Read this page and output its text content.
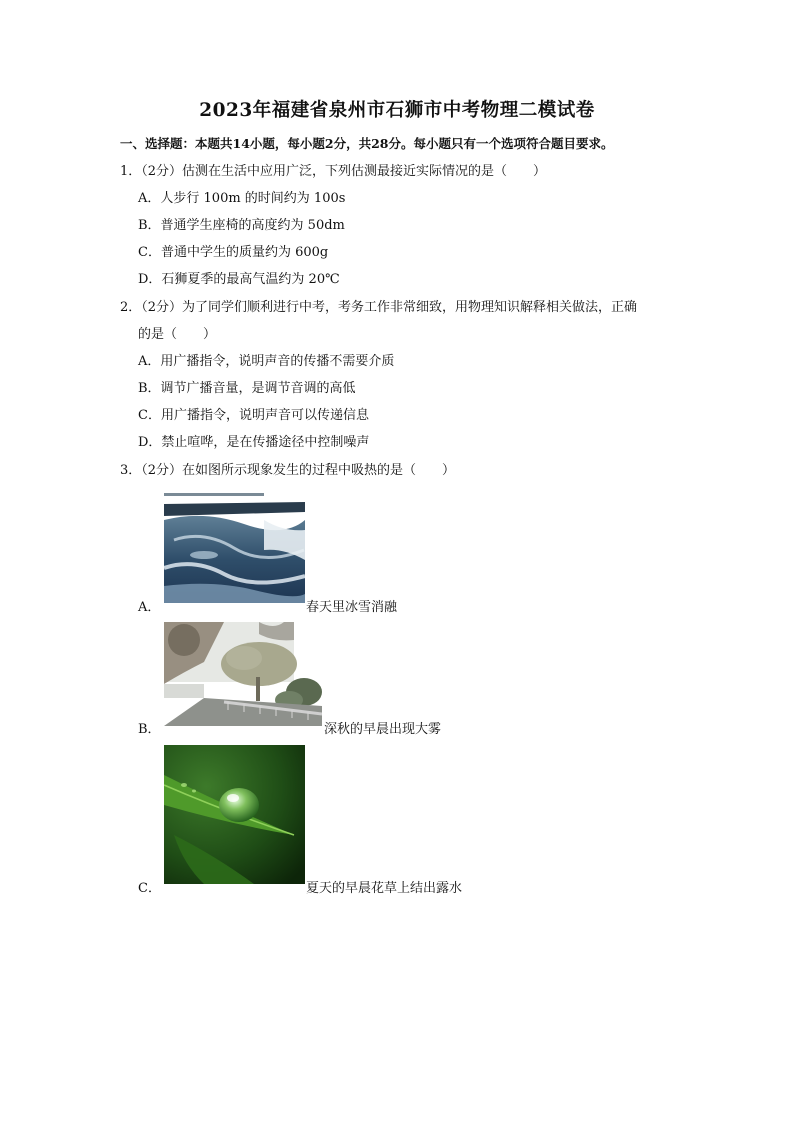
2023年福建省泉州市石狮市中考物理二模试卷
一、选择题：本题共14小题，每小题2分，共28分。每小题只有一个选项符合题目要求。
1．（2分）估测在生活中应用广泛，下列估测最接近实际情况的是（　　）
A．人步行 100m 的时间约为 100s
B．普通学生座椅的高度约为 50dm
C．普通中学生的质量约为 600g
D．石狮夏季的最高气温约为 20℃
2．（2分）为了同学们顺利进行中考，考务工作非常细致，用物理知识解释相关做法，正确
的是（　　）
A．用广播指令，说明声音的传播不需要介质
B．调节广播音量，是调节音调的高低
C．用广播指令，说明声音可以传递信息
D．禁止喧哗，是在传播途径中控制噪声
3．（2分）在如图所示现象发生的过程中吸热的是（　　）
A．	春天里冰雪消融
B．	深秋的早晨出现大雾
C．	夏天的早晨花草上结出露水
